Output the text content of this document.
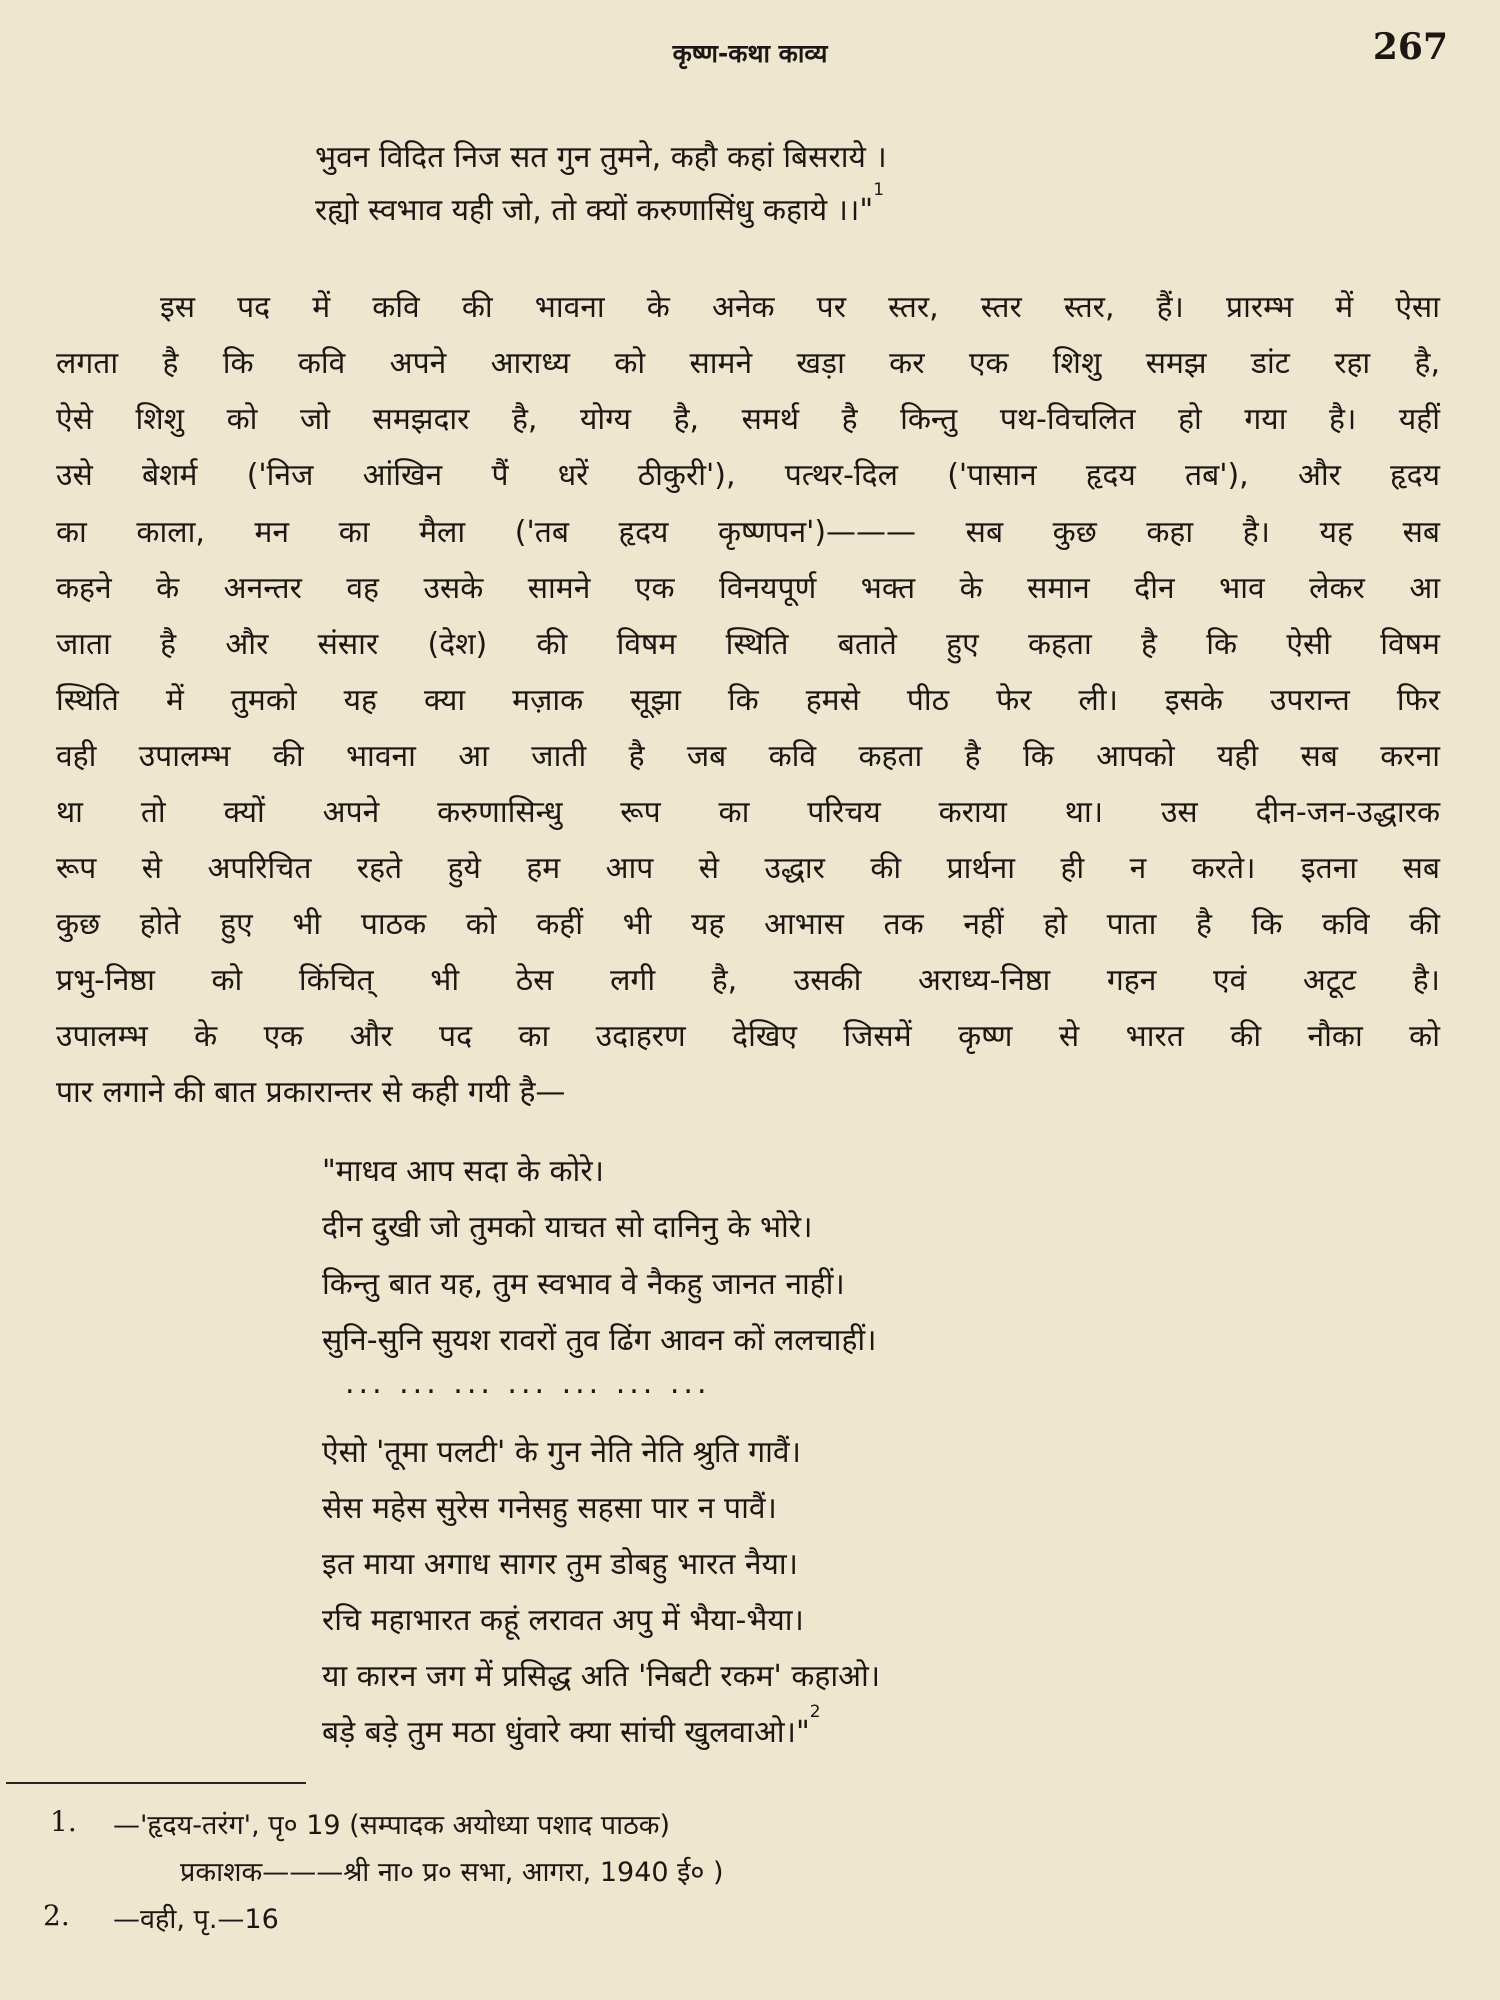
कृष्ण-कथा काव्य	267
भुवन विदित निज सत गुन तुमने, कहौ कहां बिसराये ।
रह्यो स्वभाव यही जो, तो क्यों करुणासिंधु कहाये ।।"$^1$
इस पद में कवि की भावना के अनेक पर स्तर, स्तर स्तर, हैं। प्रारम्भ में ऐसा
लगता है कि कवि अपने आराध्य को सामने खड़ा कर एक शिशु समझ डांट रहा है,
ऐसे शिशु को जो समझदार है, योग्य है, समर्थ है किन्तु पथ-विचलित हो गया है। यहीं
उसे बेशर्म ('निज आंखिन पैं धरें ठीकुरी'), पत्थर-दिल ('पासान हृदय तब'), और हृदय
का काला, मन का मैला ('तब हृदय कृष्णपन')——— सब कुछ कहा है। यह सब
कहने के अनन्तर वह उसके सामने एक विनयपूर्ण भक्त के समान दीन भाव लेकर आ
जाता है और संसार (देश) की विषम स्थिति बताते हुए कहता है कि ऐसी विषम
स्थिति में तुमको यह क्या मज़ाक सूझा कि हमसे पीठ फेर ली। इसके उपरान्त फिर
वही उपालम्भ की भावना आ जाती है जब कवि कहता है कि आपको यही सब करना
था तो क्यों अपने करुणासिन्धु रूप का परिचय कराया था। उस दीन-जन-उद्धारक
रूप से अपरिचित रहते हुये हम आप से उद्धार की प्रार्थना ही न करते। इतना सब
कुछ होते हुए भी पाठक को कहीं भी यह आभास तक नहीं हो पाता है कि कवि की
प्रभु-निष्ठा को किंचित् भी ठेस लगी है, उसकी अराध्य-निष्ठा गहन एवं अटूट है।
उपालम्भ के एक और पद का उदाहरण देखिए जिसमें कृष्ण से भारत की नौका को
पार लगाने की बात प्रकारान्तर से कही गयी है—
"माधव आप सदा के कोरे।
दीन दुखी जो तुमको याचत सो दानिनु के भोरे।
किन्तु बात यह, तुम स्वभाव वे नैकहु जानत नाहीं।
सुनि-सुनि सुयश रावरों तुव ढिंग आवन कों ललचाहीं।
... ... ... ... ... ... ...
ऐसो 'तूमा पलटी' के गुन नेति नेति श्रुति गावैं।
सेस महेस सुरेस गनेसहु सहसा पार न पावैं।
इत माया अगाध सागर तुम डोबहु भारत नैया।
रचि महाभारत कहूं लरावत अपु में भैया-भैया।
या कारन जग में प्रसिद्ध अति 'निबटी रकम' कहाओ।
बड़े बड़े तुम मठा धुंवारे क्या सांची खुलवाओ।"$^2$
1. —'हृदय-तरंग', पृ० 19 (सम्पादक अयोध्या पशाद पाठक)
प्रकाशक———श्री ना० प्र० सभा, आगरा, 1940 ई० )
2. —वही, पृ.—16
